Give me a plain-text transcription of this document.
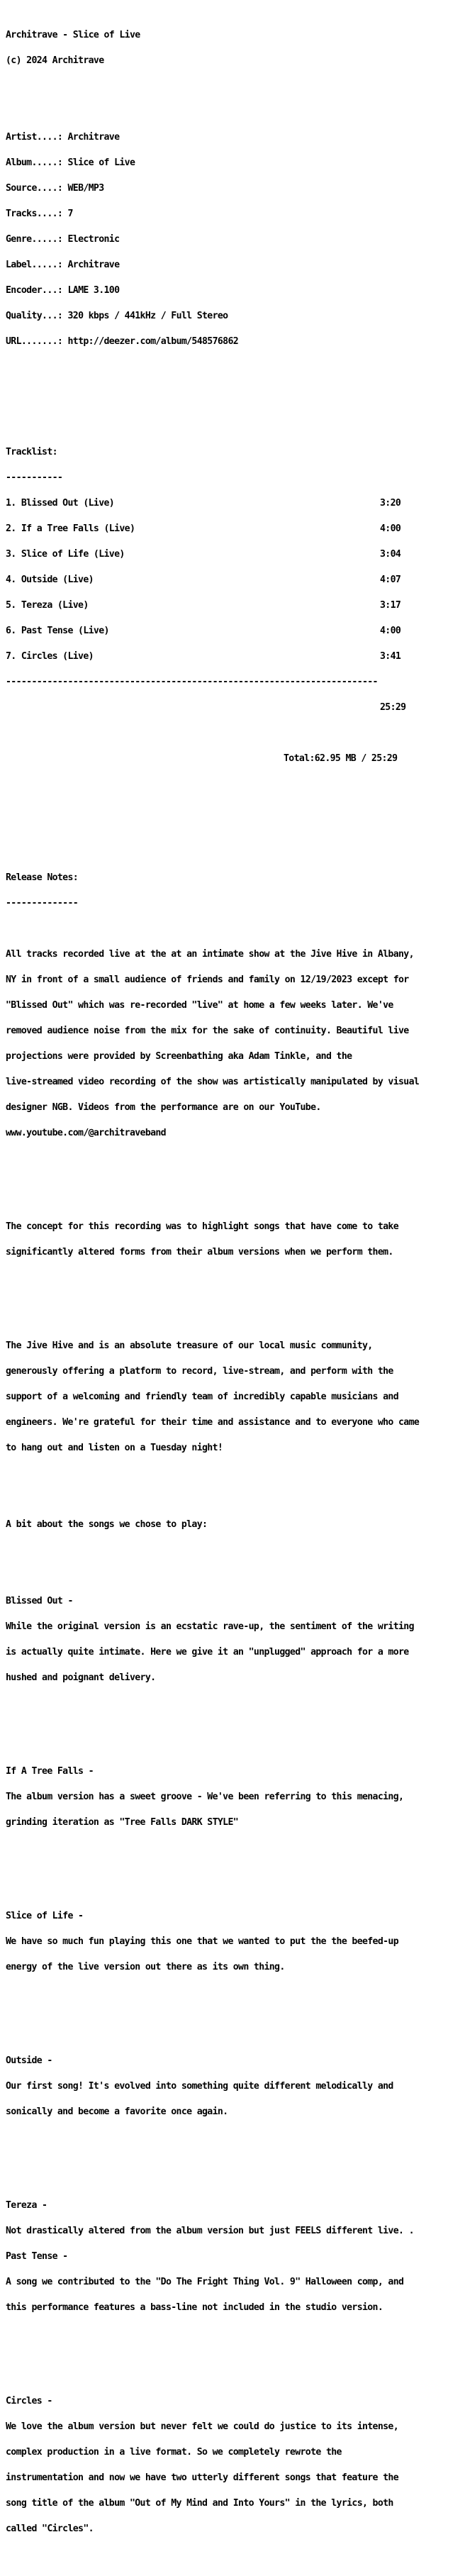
Architrave - Slice of Live

(c) 2024 Architrave

Artist....: Architrave

Album.....: Slice of Live

Source....: WEB/MP3

Tracks....: 7

Genre.....: Electronic

Label.....: Architrave

Encoder...: LAME 3.100

Quality...: 320 kbps / 441kHz / Full Stereo

URL.......: http://deezer.com/album/548576862

Tracklist:

-----------

1. Blissed Out (Live)	3:20

2. If a Tree Falls (Live)	4:00

3. Slice of Life (Live)	3:04

4. Outside (Live)	4:07

5. Tereza (Live)	3:17

6. Past Tense (Live)	4:00

7. Circles (Live)	3:41

------------------------------------------------------------------------

25:29

Total:62.95 MB / 25:29

Release Notes:

--------------

All tracks recorded live at the at an intimate show at the Jive Hive in Albany,

NY in front of a small audience of friends and family on 12/19/2023 except for

"Blissed Out" which was re-recorded "live" at home a few weeks later. We've

removed audience noise from the mix for the sake of continuity. Beautiful live

projections were provided by Screenbathing aka Adam Tinkle, and the

live-streamed video recording of the show was artistically manipulated by visual

designer NGB. Videos from the performance are on our YouTube.

www.youtube.com/@architraveband

The concept for this recording was to highlight songs that have come to take

significantly altered forms from their album versions when we perform them.

The Jive Hive and is an absolute treasure of our local music community,

generously offering a platform to record, live-stream, and perform with the

support of a welcoming and friendly team of incredibly capable musicians and

engineers. We're grateful for their time and assistance and to everyone who came

to hang out and listen on a Tuesday night!

A bit about the songs we chose to play:

Blissed Out -

While the original version is an ecstatic rave-up, the sentiment of the writing

is actually quite intimate. Here we give it an "unplugged" approach for a more

hushed and poignant delivery.

If A Tree Falls -

The album version has a sweet groove - We've been referring to this menacing,

grinding iteration as "Tree Falls DARK STYLE"

Slice of Life -

We have so much fun playing this one that we wanted to put the the beefed-up

energy of the live version out there as its own thing.

Outside -

Our first song! It's evolved into something quite different melodically and

sonically and become a favorite once again.

Tereza -

Not drastically altered from the album version but just FEELS different live. .

Past Tense -

A song we contributed to the "Do The Fright Thing Vol. 9" Halloween comp, and

this performance features a bass-line not included in the studio version.

Circles -

We love the album version but never felt we could do justice to its intense,

complex production in a live format. So we completely rewrote the

instrumentation and now we have two utterly different songs that feature the

song title of the album "Out of My Mind and Into Yours" in the lyrics, both

called "Circles".
